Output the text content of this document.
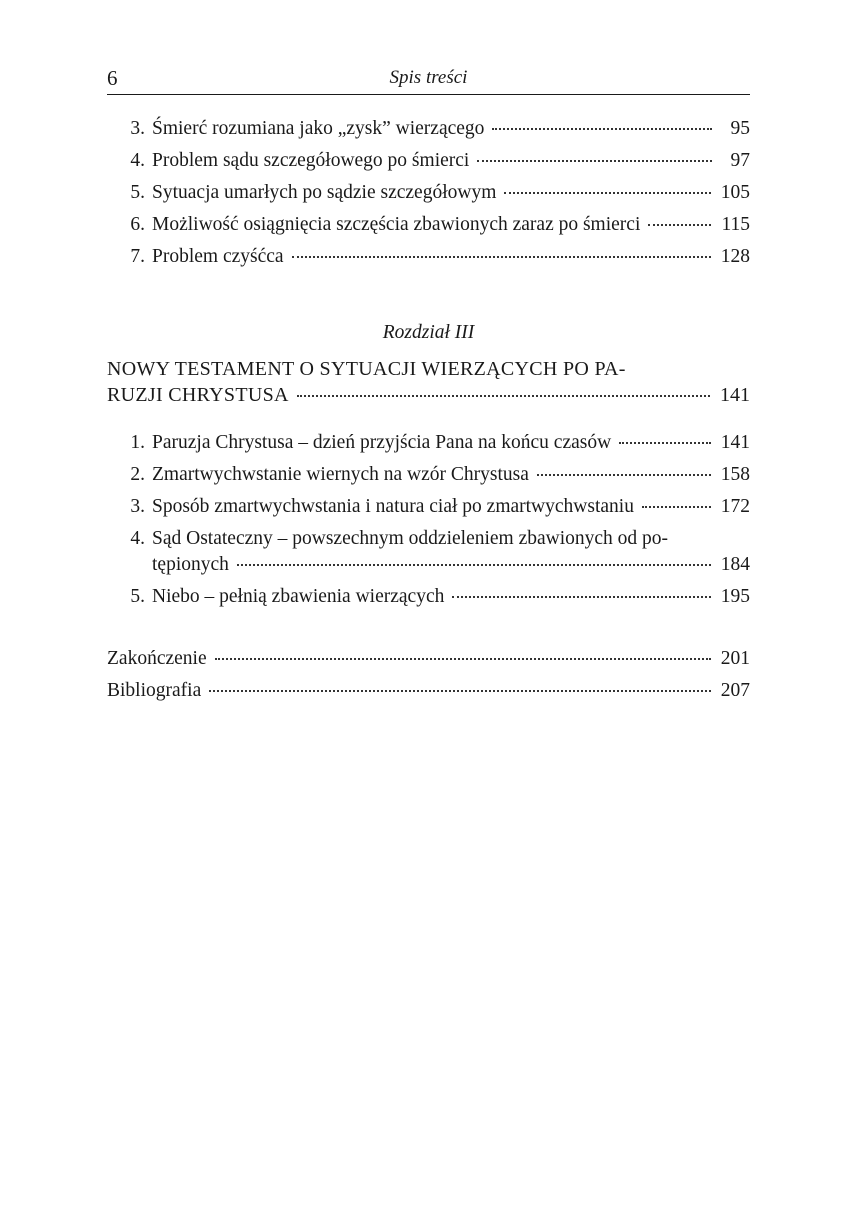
6	Spis treści
3. Śmierć rozumiana jako „zysk” wierzącego	95
4. Problem sądu szczegółowego po śmierci	97
5. Sytuacja umarłych po sądzie szczegółowym	105
6. Możliwość osiągnięcia szczęścia zbawionych zaraz po śmierci	115
7. Problem czyśćca	128
Rozdział III
NOWY TESTAMENT O SYTUACJI WIERZĄCYCH PO PA-
RUZJI CHRYSTUSA	141
1. Paruzja Chrystusa – dzień przyjścia Pana na końcu czasów	141
2. Zmartwychwstanie wiernych na wzór Chrystusa	158
3. Sposób zmartwychwstania i natura ciał po zmartwychwstaniu	172
4. Sąd Ostateczny – powszechnym oddzieleniem zbawionych od po-
tępionych	184
5. Niebo – pełnią zbawienia wierzących	195
Zakończenie	201
Bibliografia	207
